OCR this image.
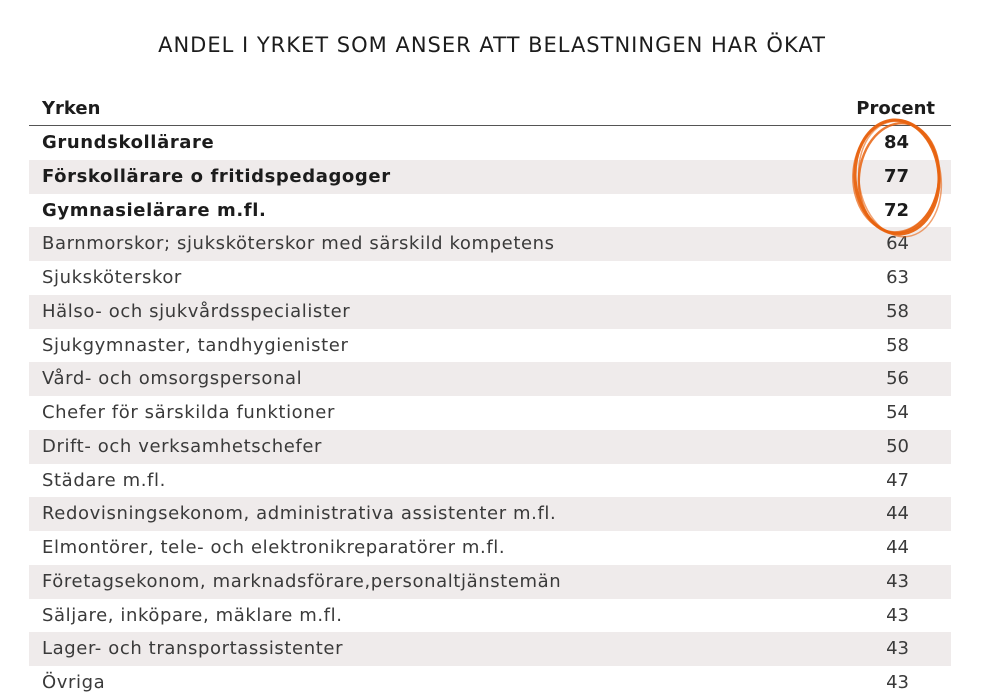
ANDEL I YRKET SOM ANSER ATT BELASTNINGEN HAR ÖKAT
Yrken	Procent
Grundskollärare	84
Förskollärare o fritidspedagoger	77
Gymnasielärare m.fl.	72
Barnmorskor; sjuksköterskor med särskild kompetens	64
Sjuksköterskor	63
Hälso- och sjukvårdsspecialister	58
Sjukgymnaster, tandhygienister	58
Vård- och omsorgspersonal	56
Chefer för särskilda funktioner	54
Drift- och verksamhetschefer	50
Städare m.fl.	47
Redovisningsekonom, administrativa assistenter m.fl.	44
Elmontörer, tele- och elektronikreparatörer m.fl.	44
Företagsekonom, marknadsförare,personaltjänstemän	43
Säljare, inköpare, mäklare m.fl.	43
Lager- och transportassistenter	43
Övriga	43
